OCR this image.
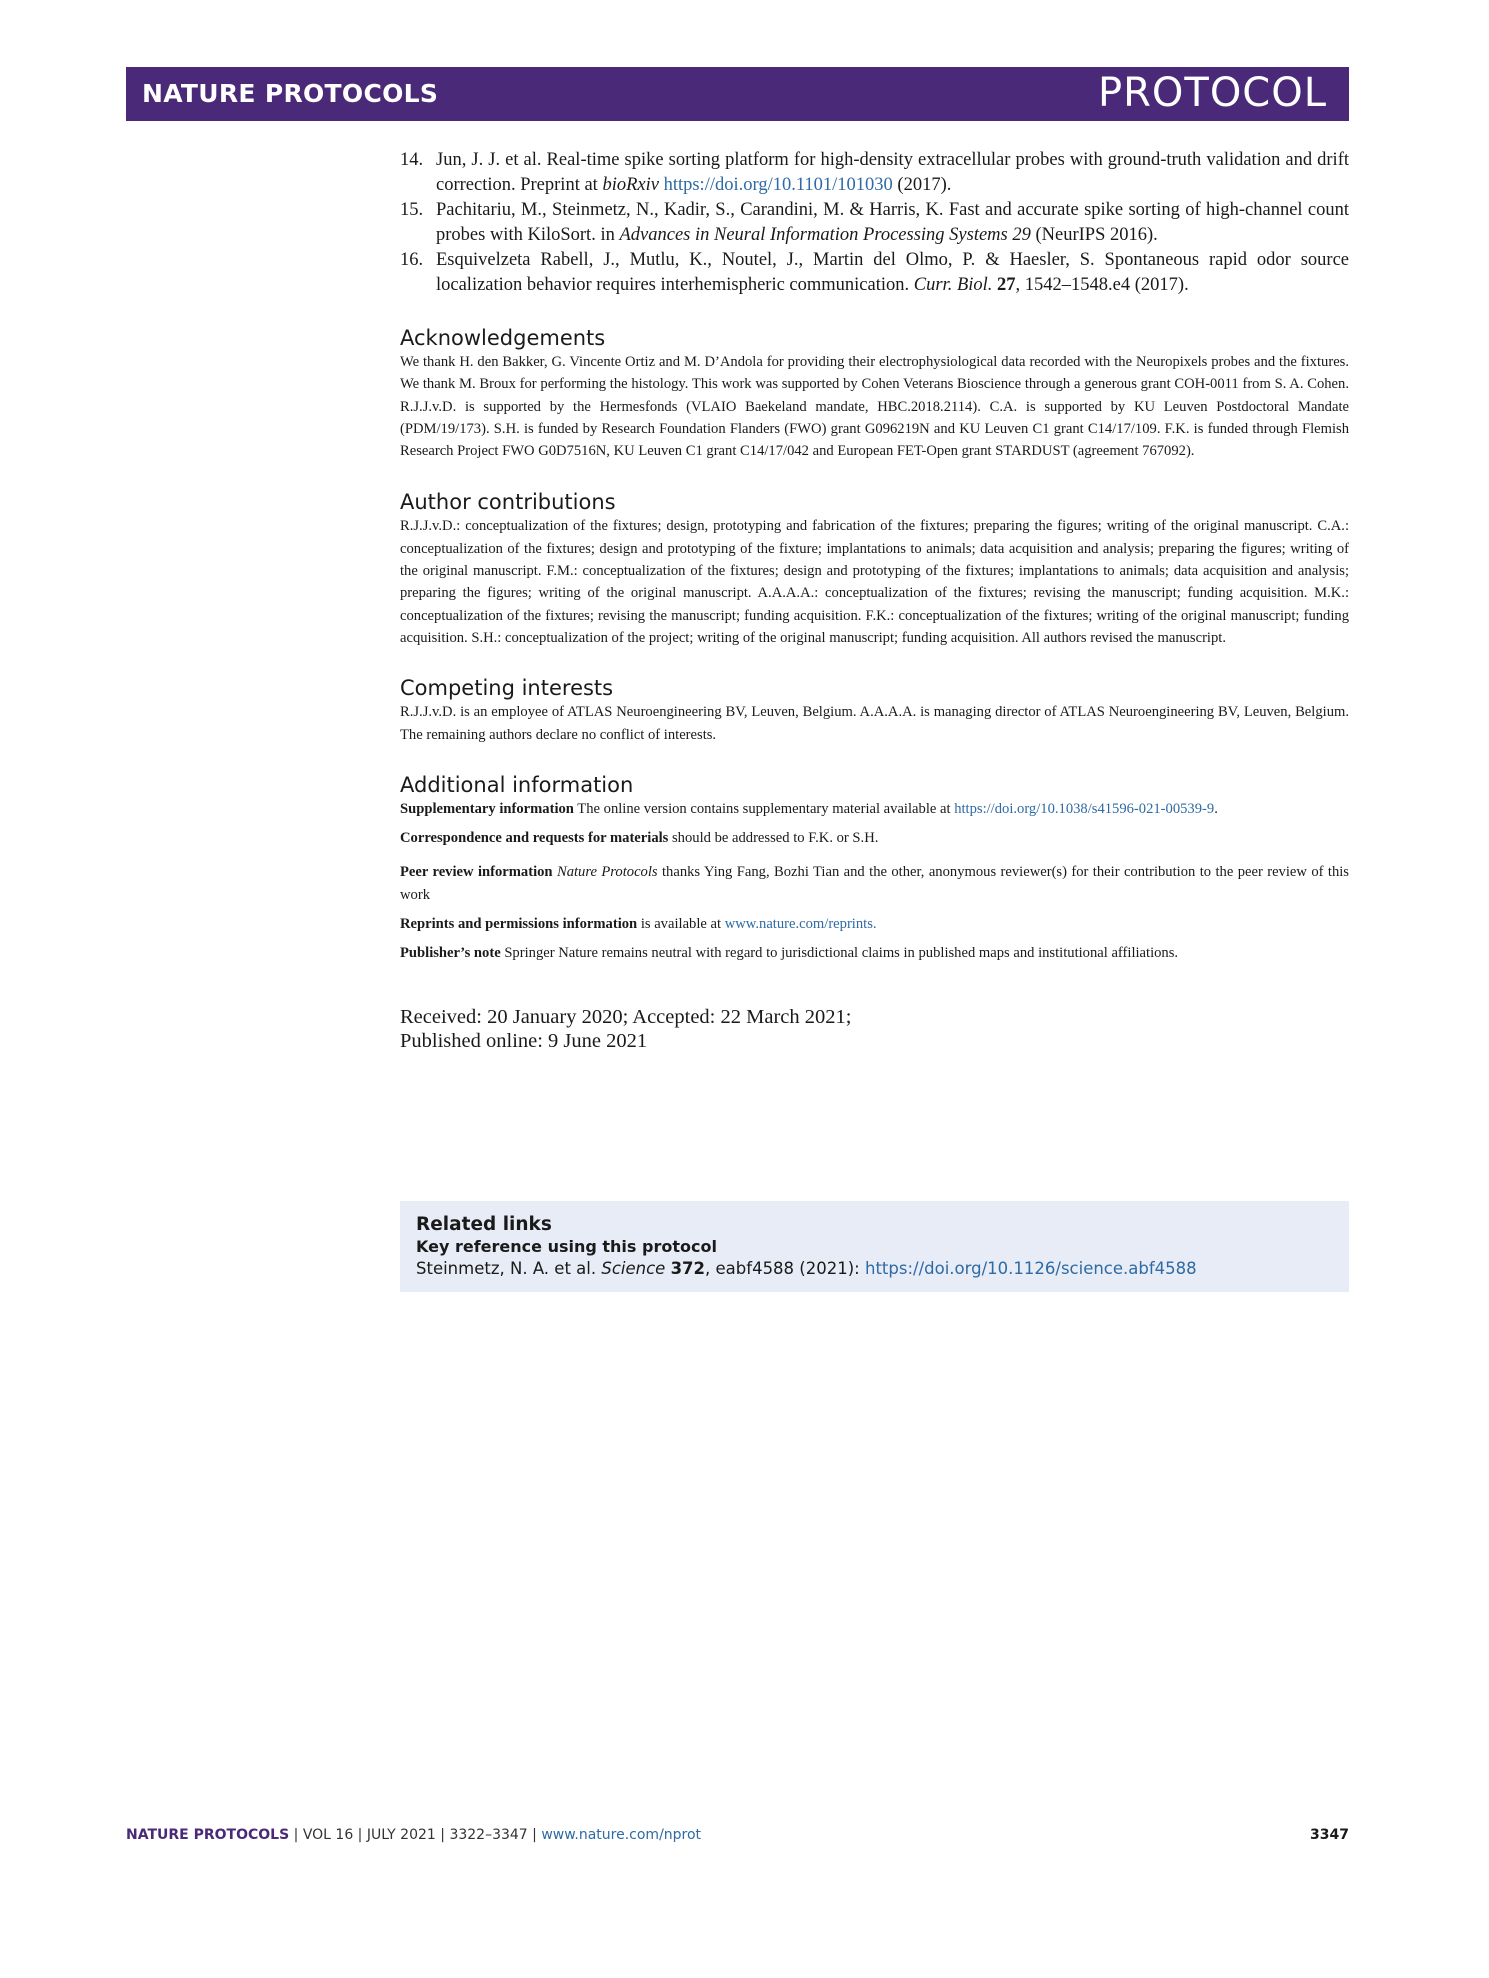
NATURE PROTOCOLS	PROTOCOL
14. Jun, J. J. et al. Real-time spike sorting platform for high-density extracellular probes with ground-truth validation and drift correction. Preprint at bioRxiv https://doi.org/10.1101/101030 (2017).
15. Pachitariu, M., Steinmetz, N., Kadir, S., Carandini, M. & Harris, K. Fast and accurate spike sorting of high-channel count probes with KiloSort. in Advances in Neural Information Processing Systems 29 (NeurIPS 2016).
16. Esquivelzeta Rabell, J., Mutlu, K., Noutel, J., Martin del Olmo, P. & Haesler, S. Spontaneous rapid odor source localization behavior requires interhemispheric communication. Curr. Biol. 27, 1542–1548.e4 (2017).
Acknowledgements

We thank H. den Bakker, G. Vincente Ortiz and M. D’Andola for providing their electrophysiological data recorded with the Neuropixels probes and the fixtures. We thank M. Broux for performing the histology. This work was supported by Cohen Veterans Bioscience through a generous grant COH-0011 from S. A. Cohen. R.J.J.v.D. is supported by the Hermesfonds (VLAIO Baekeland mandate, HBC.2018.2114). C.A. is supported by KU Leuven Postdoctoral Mandate (PDM/19/173). S.H. is funded by Research Foundation Flanders (FWO) grant G096219N and KU Leuven C1 grant C14/17/109. F.K. is funded through Flemish Research Project FWO G0D7516N, KU Leuven C1 grant C14/17/042 and European FET-Open grant STARDUST (agreement 767092).

Author contributions

R.J.J.v.D.: conceptualization of the fixtures; design, prototyping and fabrication of the fixtures; preparing the figures; writing of the original manuscript. C.A.: conceptualization of the fixtures; design and prototyping of the fixture; implantations to animals; data acquisition and analysis; preparing the figures; writing of the original manuscript. F.M.: conceptualization of the fixtures; design and prototyping of the fixtures; implantations to animals; data acquisition and analysis; preparing the figures; writing of the original manuscript. A.A.A.A.: conceptualization of the fixtures; revising the manuscript; funding acquisition. M.K.: conceptualization of the fixtures; revising the manuscript; funding acquisition. F.K.: conceptualization of the fixtures; writing of the original manuscript; funding acquisition. S.H.: conceptualization of the project; writing of the original manuscript; funding acquisition. All authors revised the manuscript.

Competing interests

R.J.J.v.D. is an employee of ATLAS Neuroengineering BV, Leuven, Belgium. A.A.A.A. is managing director of ATLAS Neuroengineering BV, Leuven, Belgium. The remaining authors declare no conflict of interests.

Additional information

Supplementary information The online version contains supplementary material available at https://doi.org/10.1038/s41596-021-00539-9.

Correspondence and requests for materials should be addressed to F.K. or S.H.

Peer review information Nature Protocols thanks Ying Fang, Bozhi Tian and the other, anonymous reviewer(s) for their contribution to the peer review of this work

Reprints and permissions information is available at www.nature.com/reprints.

Publisher’s note Springer Nature remains neutral with regard to jurisdictional claims in published maps and institutional affiliations.

Received: 20 January 2020; Accepted: 22 March 2021;
Published online: 9 June 2021
Related links
Key reference using this protocol
Steinmetz, N. A. et al. Science 372, eabf4588 (2021): https://doi.org/10.1126/science.abf4588
NATURE PROTOCOLS | VOL 16 | JULY 2021 | 3322–3347 | www.nature.com/nprot	3347
